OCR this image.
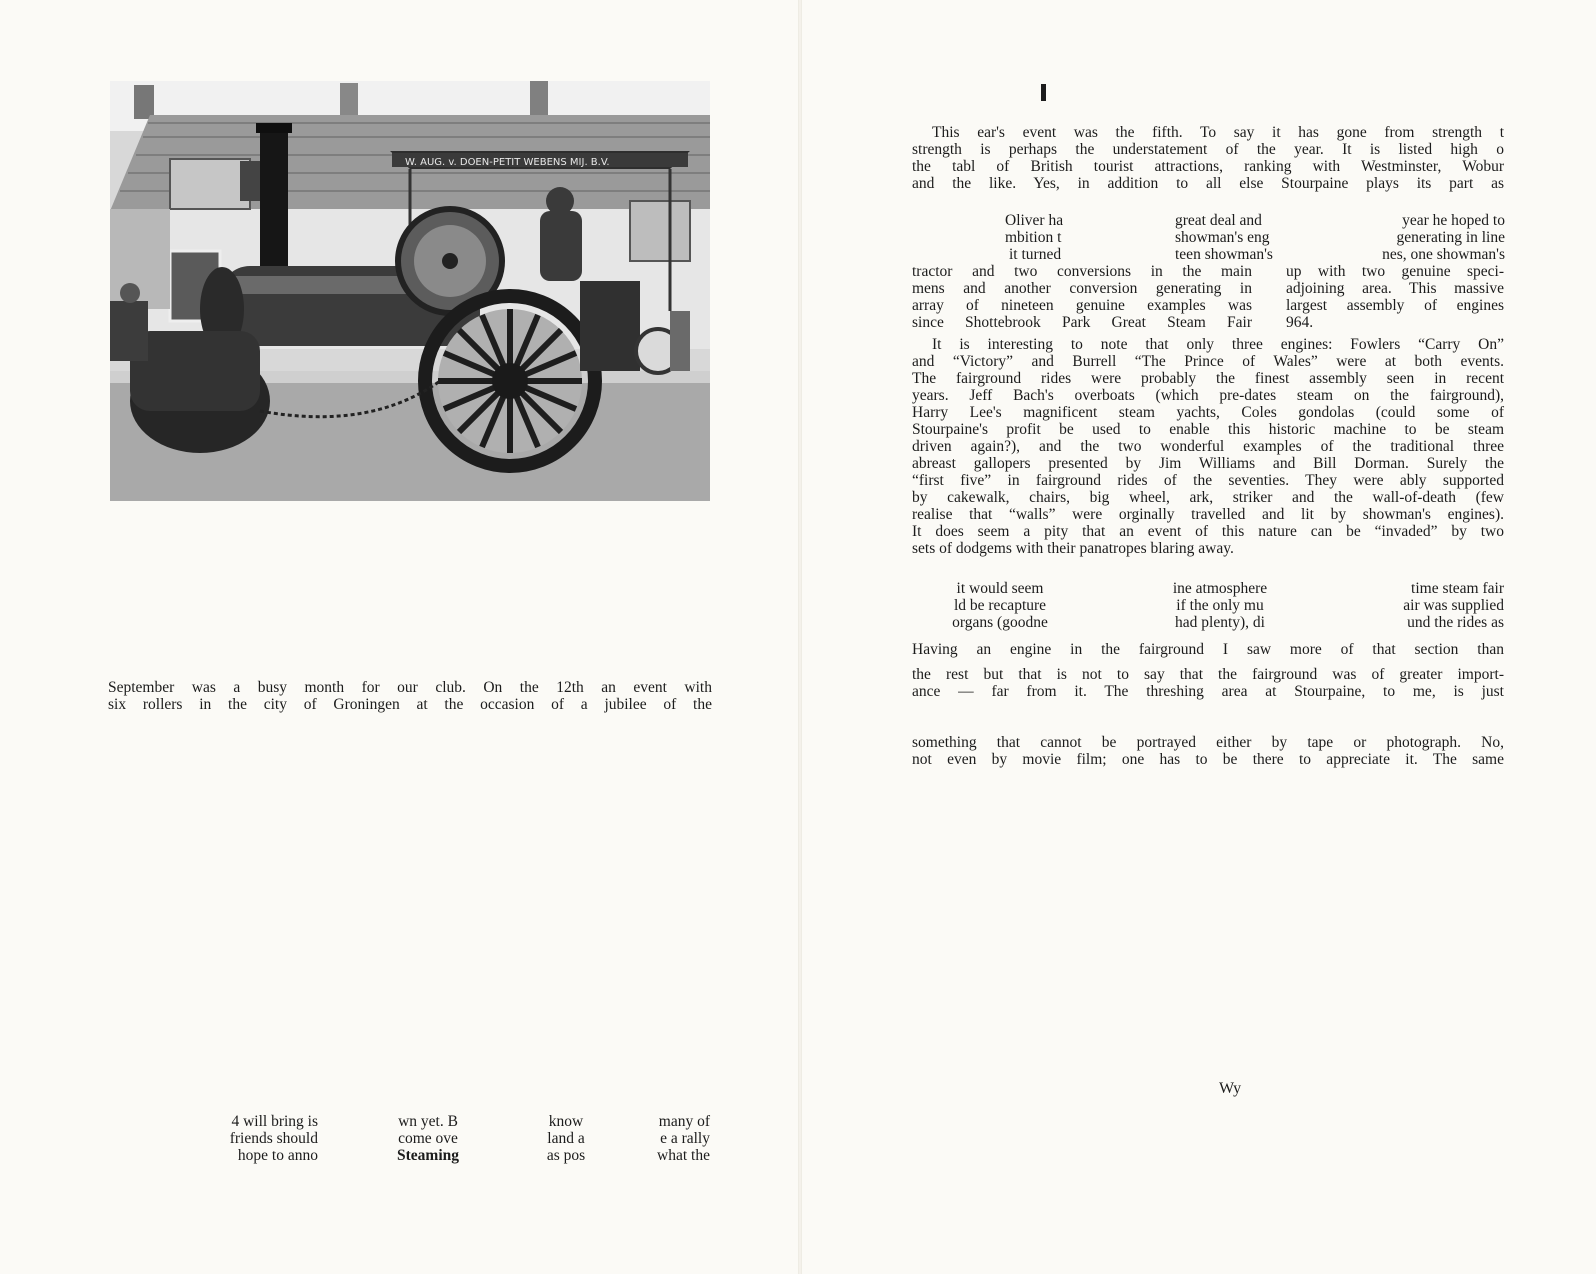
W. AUG. v. DOEN-PETIT WEBENS MIJ. B.V.

September was a busy month for our club. On the 12th an event with

six rollers in the city of Groningen at the occasion of a jubilee of the

4 will bring is
friends should
hope to anno
wn yet. B
come ove
Steaming
know
land a
as pos
many of
e a rally
what the

This ear's event was the fifth. To say it has gone from strength t

strength is perhaps the understatement of the year. It is listed high o

the tabl of British tourist attractions, ranking with Westminster, Wobur

and the like. Yes, in addition to all else Stourpaine plays its part as

Oliver ha
mbition t
it turned
great deal and
showman's eng
teen showman's
year he hoped to
generating in line
nes, one showman's
tractor and two conversions in the main
mens and another conversion generating in
array of nineteen genuine examples was
since Shottebrook Park Great Steam Fair
up with two genuine speci-
adjoining area. This massive
largest assembly of engines
964.
It is interesting to note that only three engines: Fowlers “Carry On”
and “Victory” and Burrell “The Prince of Wales” were at both events.
The fairground rides were probably the finest assembly seen in recent
years. Jeff Bach's overboats (which pre-dates steam on the fairground),
Harry Lee's magnificent steam yachts, Coles gondolas (could some of
Stourpaine's profit be used to enable this historic machine to be steam
driven again?), and the two wonderful examples of the traditional three
abreast gallopers presented by Jim Williams and Bill Dorman. Surely the
“first five” in fairground rides of the seventies. They were ably supported
by cakewalk, chairs, big wheel, ark, striker and the wall-of-death (few
realise that “walls” were orginally travelled and lit by showman's engines).
It does seem a pity that an event of this nature can be “invaded” by two
sets of dodgems with their panatropes blaring away.
it would seem
ld be recapture
organs (goodne
ine atmosphere
if the only mu
had plenty), di
time steam fair
air was supplied
und the rides as
Having an engine in the fairground I saw more of that section than
the rest but that is not to say that the fairground was of greater import-
ance — far from it. The threshing area at Stourpaine, to me, is just
something that cannot be portrayed either by tape or photograph. No,
not even by movie film; one has to be there to appreciate it. The same
Wy
